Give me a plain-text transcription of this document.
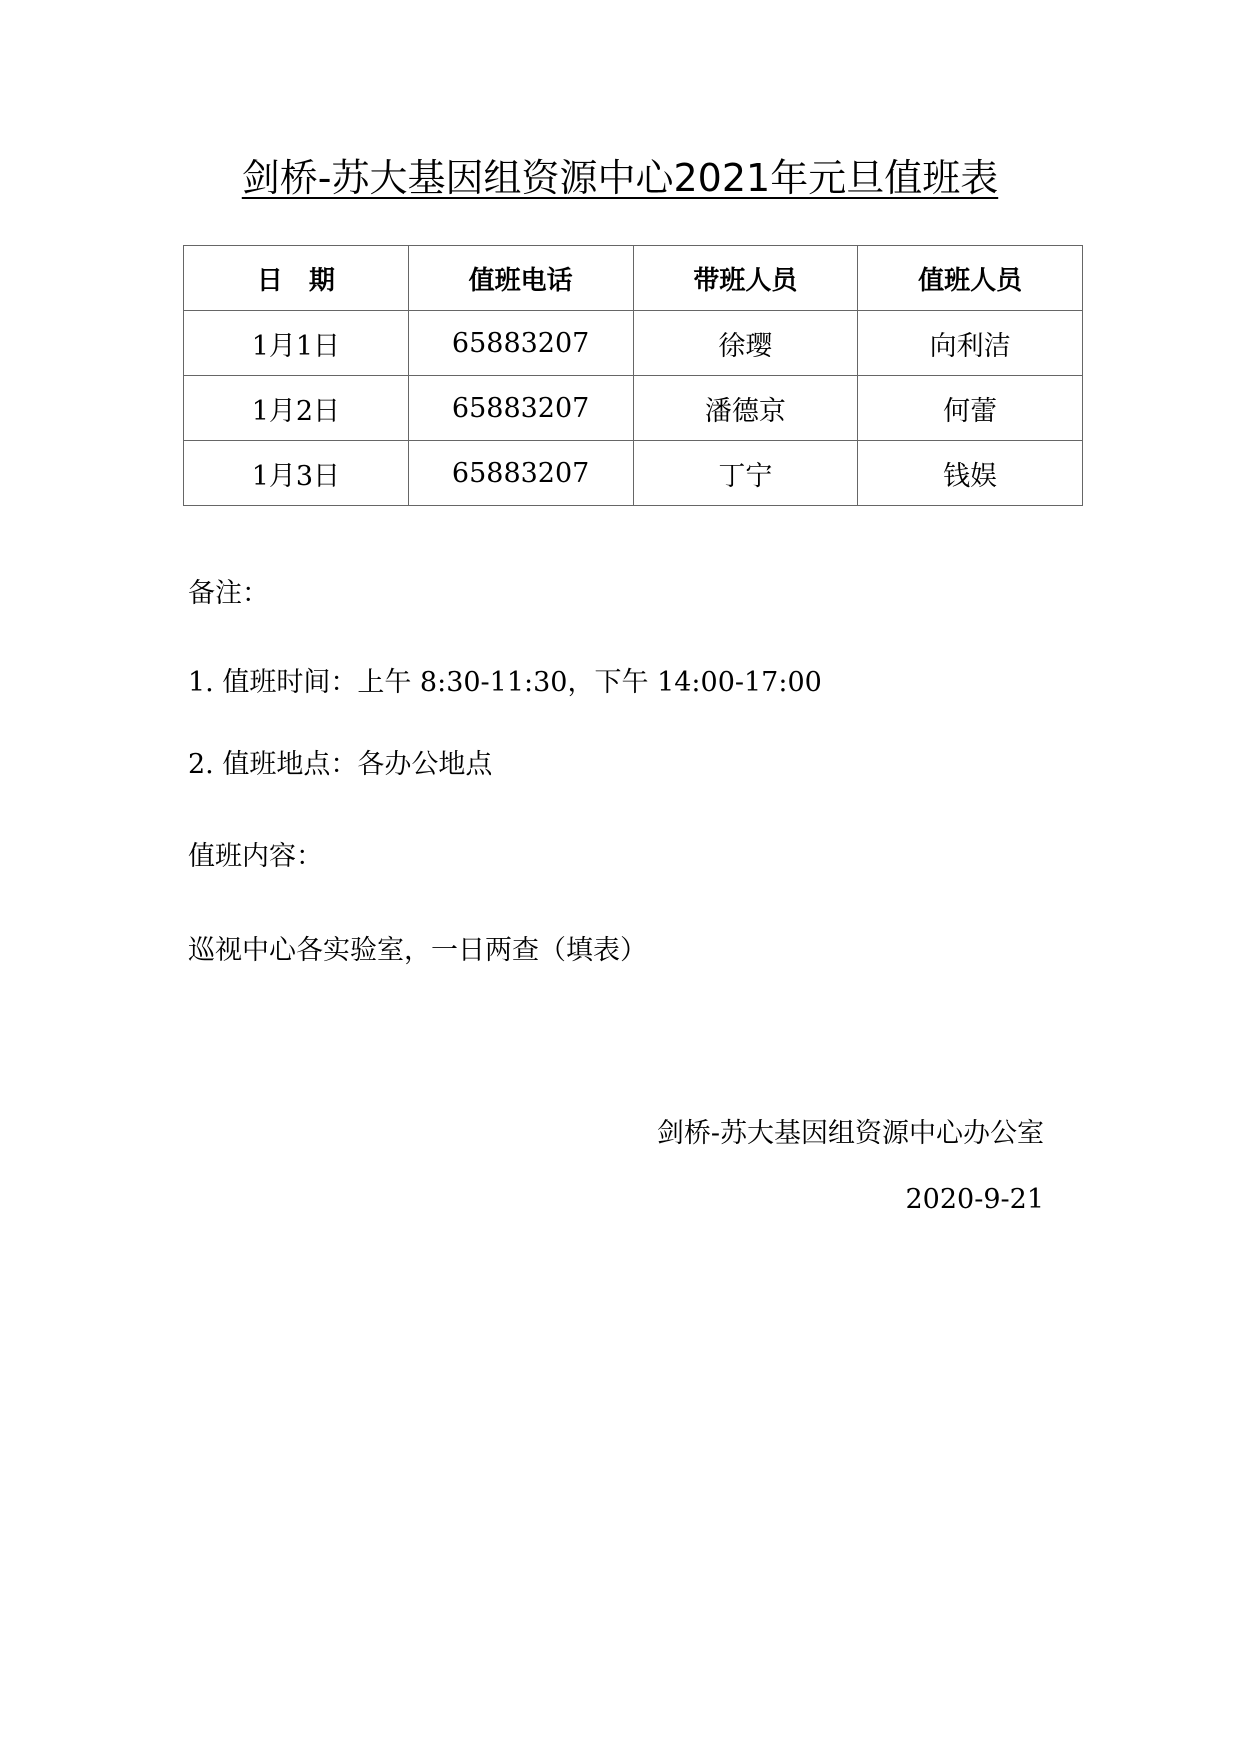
剑桥-苏大基因组资源中心2021年元旦值班表
日　期	值班电话	带班人员	值班人员
1月1日	65883207	徐璎	向利洁
1月2日	65883207	潘德京	何蕾
1月3日	65883207	丁宁	钱娱

备注：

1. 值班时间：上午 8:30-11:30，下午 14:00-17:00

2. 值班地点：各办公地点

值班内容：

巡视中心各实验室，一日两查（填表）

剑桥-苏大基因组资源中心办公室

2020-9-21
